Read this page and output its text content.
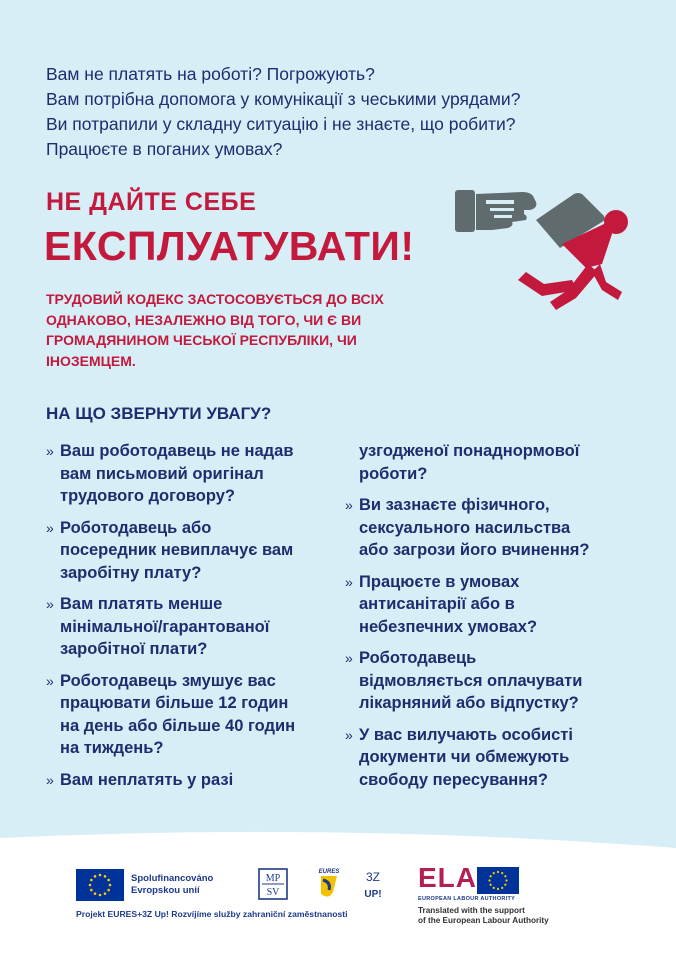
Вам не платять на роботі? Погрожують?
Вам потрібна допомога у комунікації з чеськими урядами?
Ви потрапили у складну ситуацію і не знаєте, що робити?
Працюєте в поганих умовах?
НЕ ДАЙТЕ СЕБЕ
ЕКСПЛУАТУВАТИ!
ТРУДОВИЙ КОДЕКС ЗАСТОСОВУЄТЬСЯ ДО ВСІХ
ОДНАКОВО, НЕЗАЛЕЖНО ВІД ТОГО, ЧИ Є ВИ
ГРОМАДЯНИНОМ ЧЕСЬКОЇ РЕСПУБЛІКИ, ЧИ
ІНОЗЕМЦЕМ.
НА ЩО ЗВЕРНУТИ УВАГУ?
» Ваш роботодавець не надав
вам письмовий оригінал
трудового договору?
» Роботодавець або
посередник невиплачує вам
заробітну плату?
» Вам платять менше
мінімальної/гарантованої
заробітної плати?
» Роботодавець змушує вас
працювати більше 12 годин
на день або більше 40 годин
на тиждень?
» Вам неплатять у разі
узгодженої понаднормової
роботи?
» Ви зазнаєте фізичного,
сексуального насильства
або загрози його вчинення?
» Працюєте в умовах
антисанітарії або в
небезпечних умовах?
» Роботодавець
відмовляється оплачувати
лікарняний або відпустку?
» У вас вилучають особисті
документи чи обмежують
свободу пересування?
Spolufinancováno
Evropskou unií
Projekt EURES+3Z Up! Rozvíjíme služby zahraniční zaměstnanosti
MP
SV
EURES 3Z
UP!
ELA
EUROPEAN LABOUR AUTHORITY
Translated with the support
of the European Labour Authority
